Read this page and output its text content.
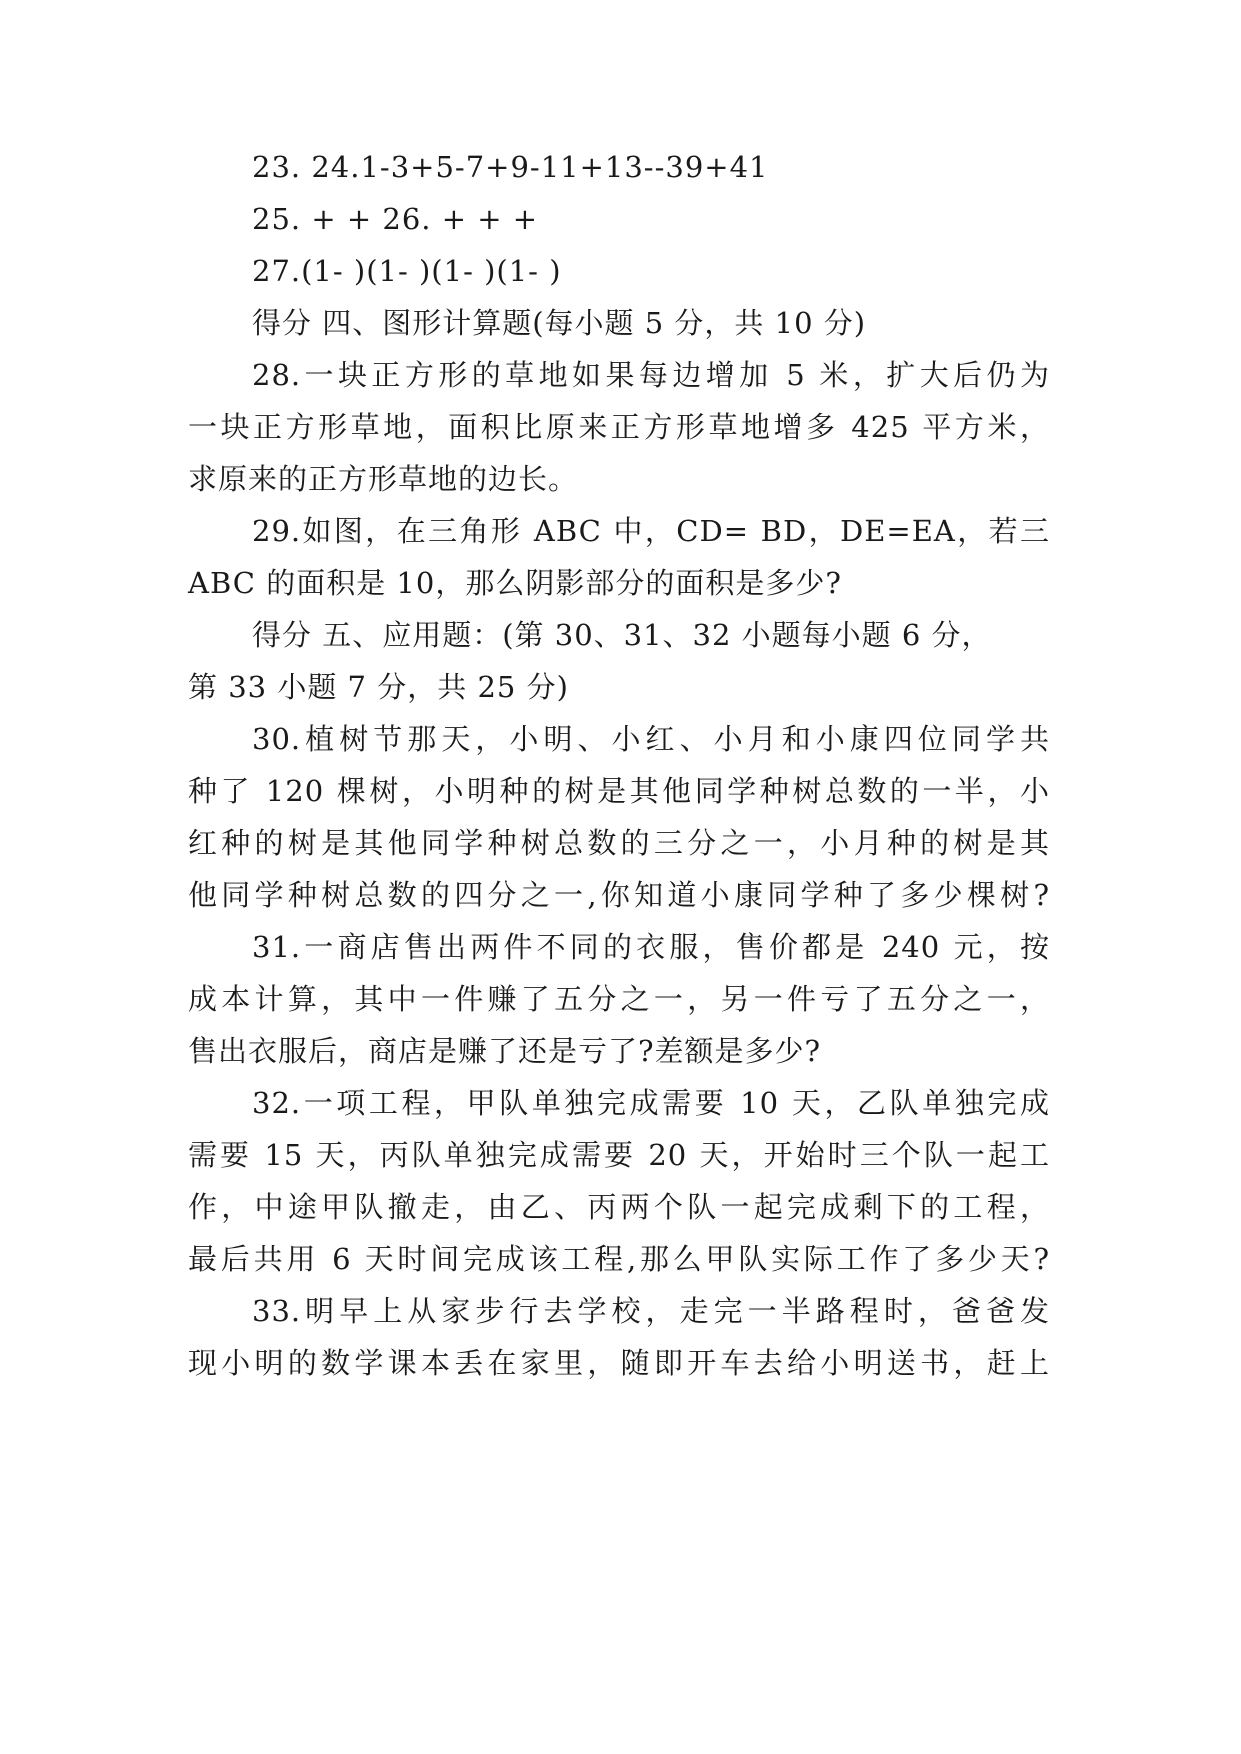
23. 24.1-3+5-7+9-11+13--39+41
25. + + 26. + + +
27.(1- )(1- )(1- )(1- )
得分 四、图形计算题(每小题 5 分，共 10 分)
28.一块正方形的草地如果每边增加 5 米，扩大后仍为
一块正方形草地，面积比原来正方形草地增多 425 平方米，
求原来的正方形草地的边长。
29.如图，在三角形 ABC 中，CD= BD，DE=EA，若三
ABC 的面积是 10，那么阴影部分的面积是多少?
得分 五、应用题：(第 30、31、32 小题每小题 6 分，
第 33 小题 7 分，共 25 分)
30.植树节那天，小明、小红、小月和小康四位同学共
种了 120 棵树，小明种的树是其他同学种树总数的一半，小
红种的树是其他同学种树总数的三分之一，小月种的树是其
他同学种树总数的四分之一,你知道小康同学种了多少棵树?
31.一商店售出两件不同的衣服，售价都是 240 元，按
成本计算，其中一件赚了五分之一，另一件亏了五分之一，
售出衣服后，商店是赚了还是亏了?差额是多少?
32.一项工程，甲队单独完成需要 10 天，乙队单独完成
需要 15 天，丙队单独完成需要 20 天，开始时三个队一起工
作，中途甲队撤走，由乙、丙两个队一起完成剩下的工程，
最后共用 6 天时间完成该工程,那么甲队实际工作了多少天?
33.明早上从家步行去学校，走完一半路程时，爸爸发
现小明的数学课本丢在家里，随即开车去给小明送书，赶上
